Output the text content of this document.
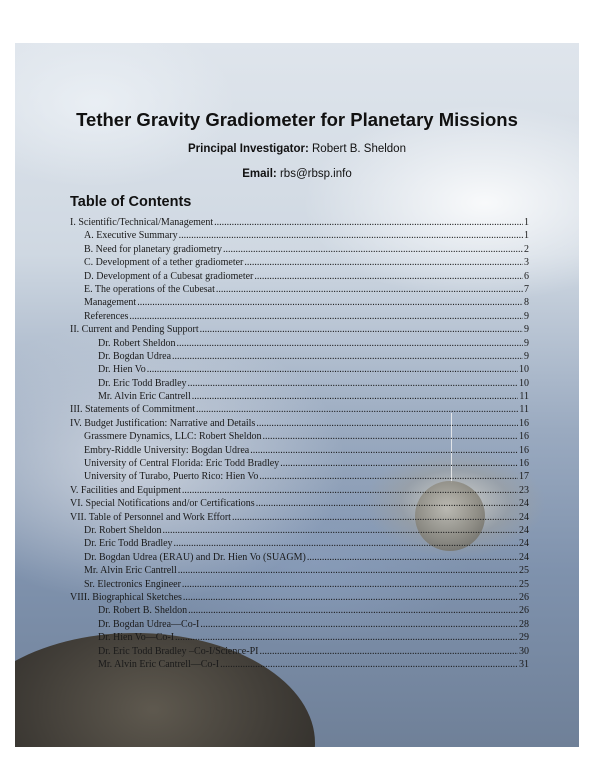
Tether Gravity Gradiometer for Planetary Missions
Principal Investigator: Robert B. Sheldon
Email: rbs@rbsp.info
Table of Contents
I. Scientific/Technical/Management .....	1
A. Executive Summary .....	1
B. Need for planetary gradiometry .....	2
C. Development of a tether gradiometer .....	3
D. Development of a Cubesat gradiometer .....	6
E. The operations of the Cubesat .....	7
Management .....	8
References .....	9
II. Current and Pending Support .....	9
Dr. Robert Sheldon .....	9
Dr. Bogdan Udrea .....	9
Dr. Hien Vo .....	10
Dr. Eric Todd Bradley .....	10
Mr. Alvin Eric Cantrell .....	11
III. Statements of Commitment .....	11
IV. Budget Justification: Narrative and Details .....	16
Grassmere Dynamics, LLC: Robert Sheldon .....	16
Embry-Riddle University: Bogdan Udrea .....	16
University of Central Florida: Eric Todd Bradley .....	16
University of Turabo, Puerto Rico: Hien Vo .....	17
V. Facilities and Equipment .....	23
VI. Special Notifications and/or Certifications .....	24
VII. Table of Personnel and Work Effort .....	24
Dr. Robert Sheldon .....	24
Dr. Eric Todd Bradley .....	24
Dr. Bogdan Udrea (ERAU) and Dr. Hien Vo (SUAGM) .....	24
Mr. Alvin Eric Cantrell .....	25
Sr. Electronics Engineer .....	25
VIII. Biographical Sketches .....	26
Dr. Robert B. Sheldon .....	26
Dr. Bogdan Udrea—Co-I .....	28
Dr. Hien Vo—Co-I .....	29
Dr. Eric Todd Bradley –Co-I/Science-PI .....	30
Mr. Alvin Eric Cantrell—Co-I .....	31
